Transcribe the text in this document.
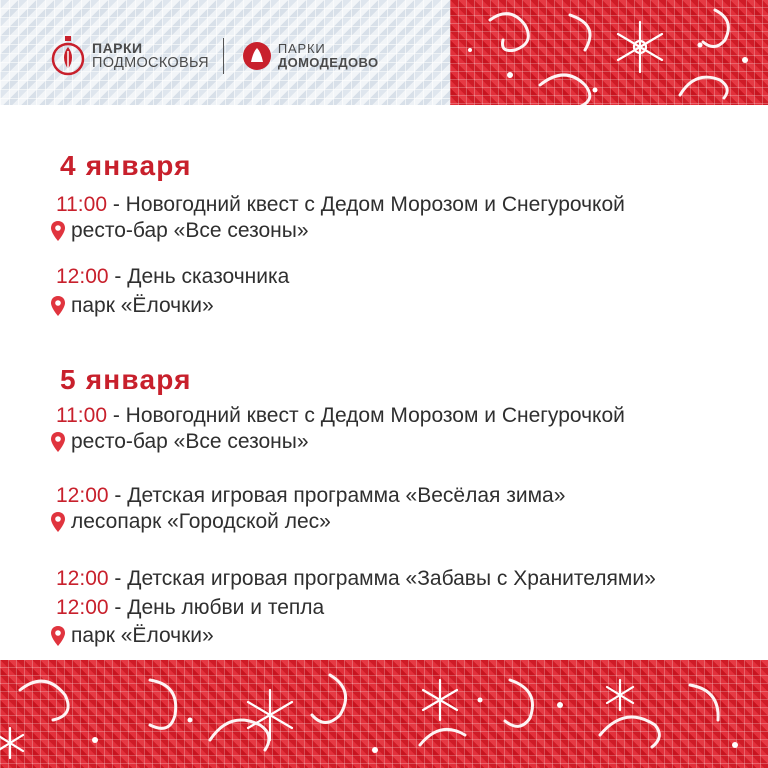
ПАРКИ
ПОДМОСКОВЬЯ
ПАРКИ
ДОМОДЕДОВО
4 января
11:00 - Новогодний квест с Дедом Морозом и Снегурочкой
ресто-бар «Все сезоны»
12:00 - День сказочника
парк «Ёлочки»
5 января
11:00 - Новогодний квест с Дедом Морозом и Снегурочкой
ресто-бар «Все сезоны»
12:00 - Детская игровая программа «Весёлая зима»
лесопарк «Городской лес»
12:00 - Детская игровая программа «Забавы с Хранителями»
12:00 - День любви и тепла
парк «Ёлочки»
